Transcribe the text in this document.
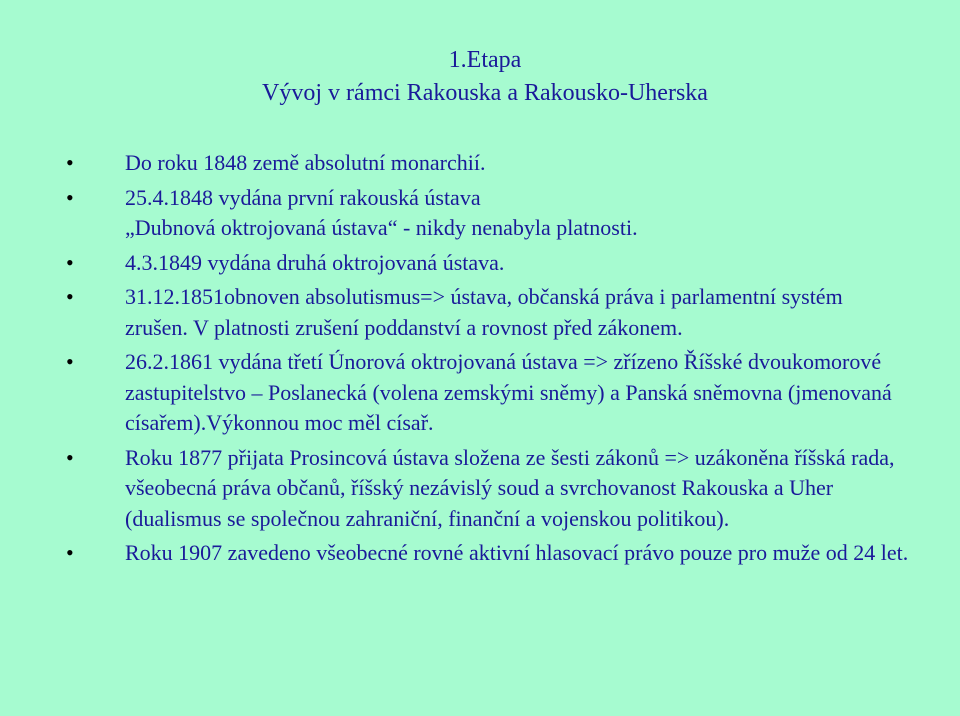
1.Etapa
Vývoj v rámci Rakouska a Rakousko-Uherska
• Do roku 1848 země absolutní monarchií.
• 25.4.1848 vydána první rakouská ústava
„Dubnová oktrojovaná ústava“ - nikdy nenabyla platnosti.
• 4.3.1849 vydána druhá oktrojovaná ústava.
• 31.12.1851obnoven absolutismus=> ústava, občanská práva i parlamentní systém zrušen. V platnosti zrušení poddanství a rovnost před zákonem.
• 26.2.1861 vydána třetí Únorová oktrojovaná ústava => zřízeno Říšské dvoukomorové zastupitelstvo – Poslanecká (volena zemskými sněmy) a Panská sněmovna (jmenovaná císařem).Výkonnou moc měl císař.
• Roku 1877 přijata Prosincová ústava složena ze šesti zákonů => uzákoněna říšská rada, všeobecná práva občanů, říšský nezávislý soud a svrchovanost Rakouska a Uher (dualismus se společnou zahraniční, finanční a vojenskou politikou).
• Roku 1907 zavedeno všeobecné rovné aktivní hlasovací právo pouze pro muže od 24 let.
